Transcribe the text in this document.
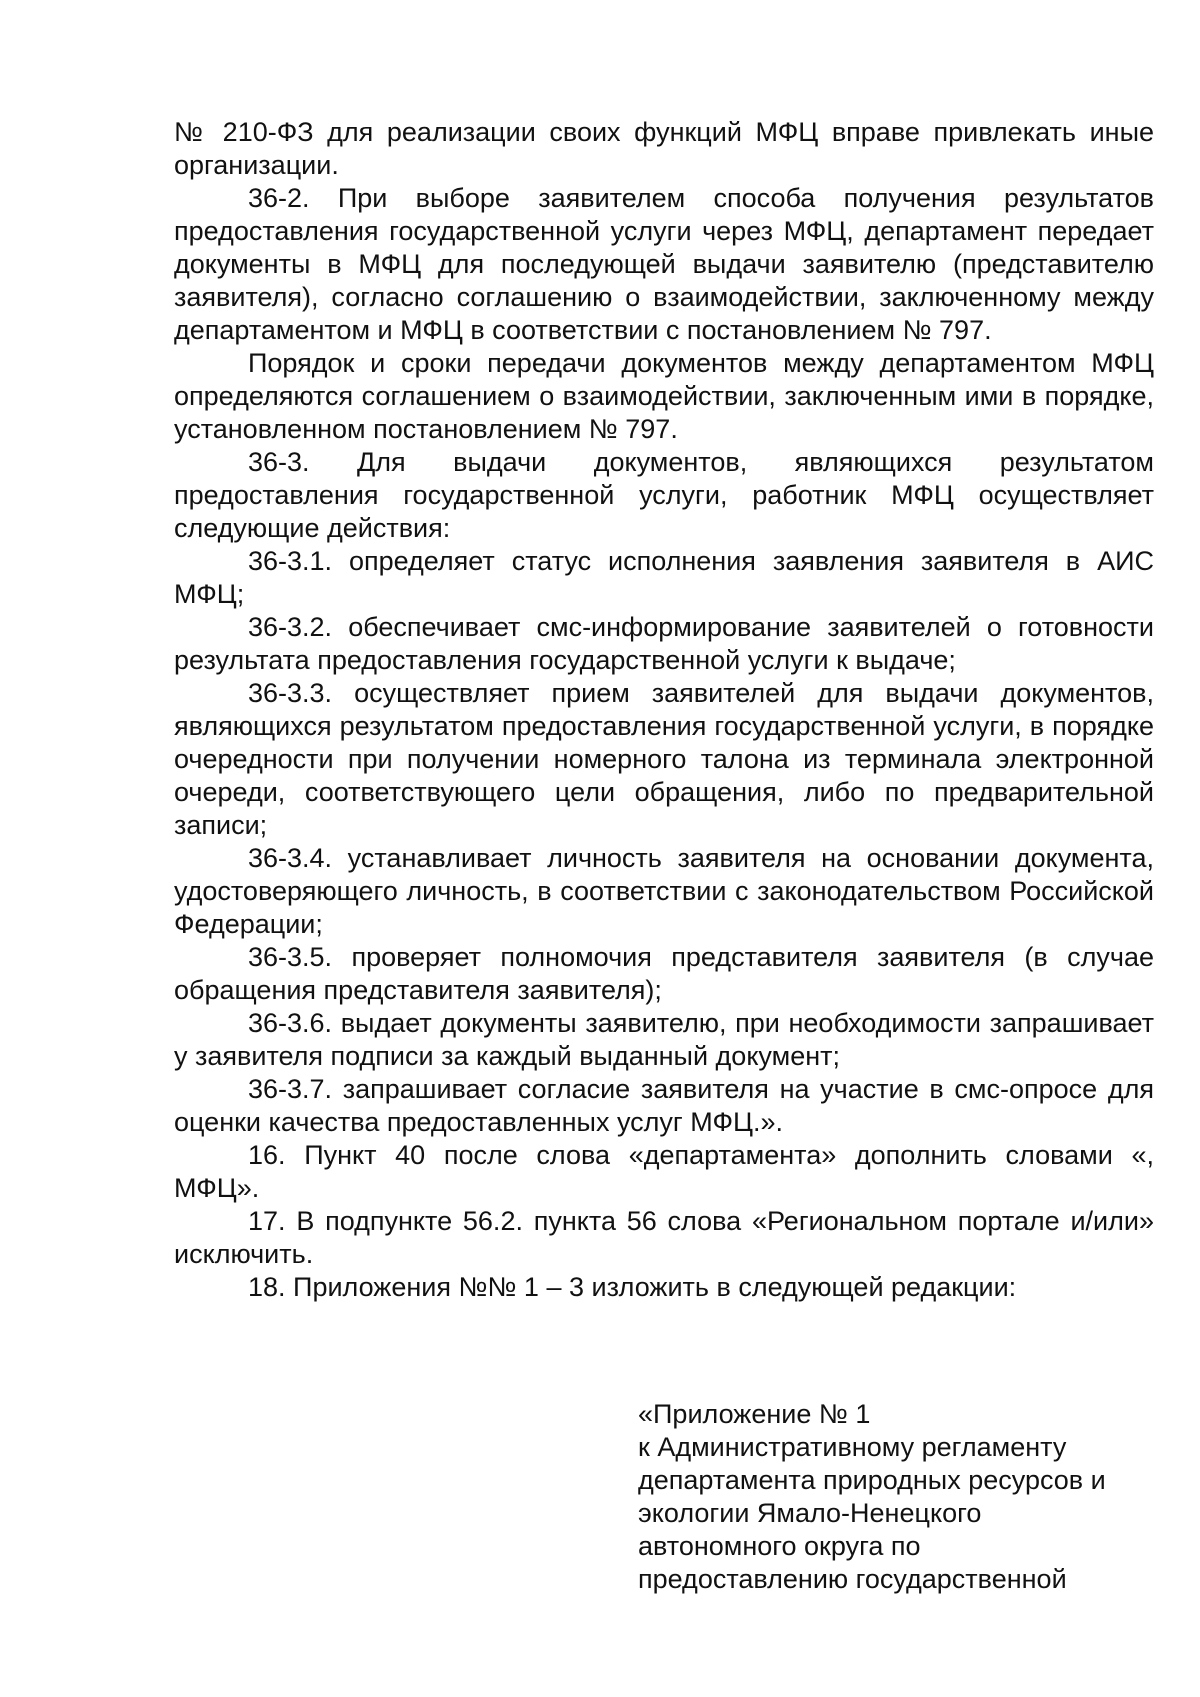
№ 210-ФЗ для реализации своих функций МФЦ вправе привлекать иные организации.

36-2. При выборе заявителем способа получения результатов предоставления государственной услуги через МФЦ, департамент передает документы в МФЦ для последующей выдачи заявителю (представителю заявителя), согласно соглашению о взаимодействии, заключенному между департаментом и МФЦ в соответствии с постановлением № 797.

Порядок и сроки передачи документов между департаментом МФЦ определяются соглашением о взаимодействии, заключенным ими в порядке, установленном постановлением № 797.

36-3. Для выдачи документов, являющихся результатом предоставления государственной услуги, работник МФЦ осуществляет следующие действия:

36-3.1. определяет статус исполнения заявления заявителя в АИС МФЦ;

36-3.2. обеспечивает смс-информирование заявителей о готовности результата предоставления государственной услуги к выдаче;

36-3.3. осуществляет прием заявителей для выдачи документов, являющихся результатом предоставления государственной услуги, в порядке очередности при получении номерного талона из терминала электронной очереди, соответствующего цели обращения, либо по предварительной записи;

36-3.4. устанавливает личность заявителя на основании документа, удостоверяющего личность, в соответствии с законодательством Российской Федерации;

36-3.5. проверяет полномочия представителя заявителя (в случае обращения представителя заявителя);

36-3.6. выдает документы заявителю, при необходимости запрашивает у заявителя подписи за каждый выданный документ;

36-3.7. запрашивает согласие заявителя на участие в смс-опросе для оценки качества предоставленных услуг МФЦ.».

16. Пункт 40 после слова «департамента» дополнить словами «, МФЦ».

17. В подпункте 56.2. пункта 56 слова «Региональном портале и/или» исключить.

18. Приложения №№ 1 – 3 изложить в следующей редакции:

«Приложение № 1
к Административному регламенту
департамента природных ресурсов и
экологии Ямало-Ненецкого
автономного округа по
предоставлению государственной
